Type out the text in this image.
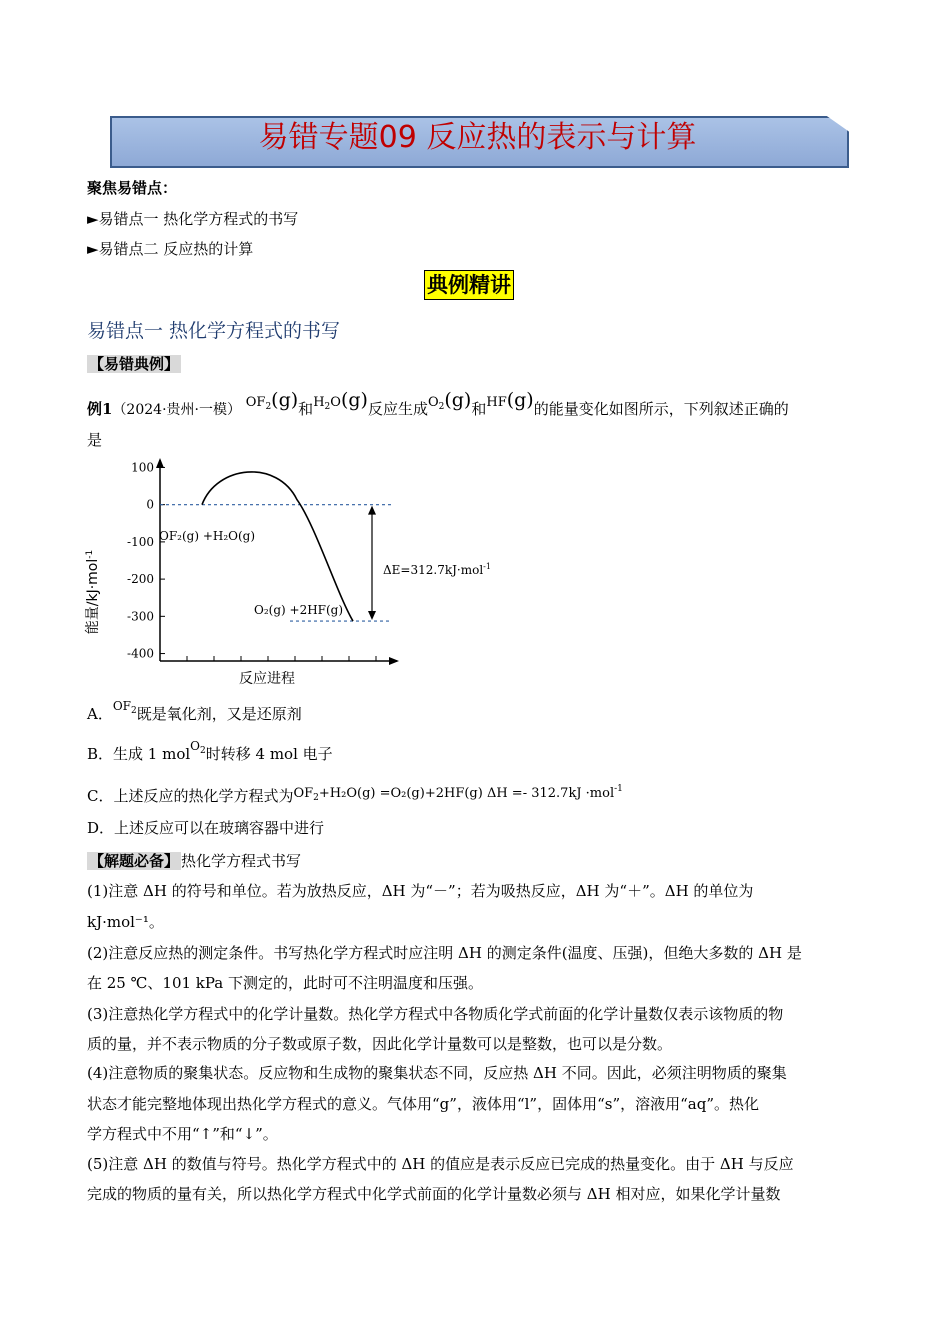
易错专题09 反应热的表示与计算
聚焦易错点：
►易错点一 热化学方程式的书写
►易错点二 反应热的计算
典例精讲
易错点一 热化学方程式的书写
【易错典例】
例1（2024·贵州·一模） $OF_2(g)$和$H_2O(g)$反应生成$O_2(g)$和HF(g)的能量变化如图所示，下列叙述正确的
是
能量/kJ·mol$^{-1}$
反应进程
OF₂(g) +H₂O(g)
O₂(g) +2HF(g)
ΔE=312.7kJ·mol$^{-1}$
100
0
-100
-200
-300
-400
A．$^{OF_2}$既是氧化剂，又是还原剂
B．生成 1 mol$^{O_2}$时转移 4 mol 电子
C．上述反应的热化学方程式为$OF_2+H_2O(g) =O_2(g)+2HF(g) \Delta H =- 312.7kJ \cdot mol^{-1}$
D．上述反应可以在玻璃容器中进行
【解题必备】 热化学方程式书写
(1)注意 ΔH 的符号和单位。若为放热反应，ΔH 为“－”；若为吸热反应，ΔH 为“＋”。ΔH 的单位为
kJ·mol⁻¹。
(2)注意反应热的测定条件。书写热化学方程式时应注明 ΔH 的测定条件(温度、压强)，但绝大多数的 ΔH 是
在 25 ℃、101 kPa 下测定的，此时可不注明温度和压强。
(3)注意热化学方程式中的化学计量数。热化学方程式中各物质化学式前面的化学计量数仅表示该物质的物
质的量，并不表示物质的分子数或原子数，因此化学计量数可以是整数，也可以是分数。
(4)注意物质的聚集状态。反应物和生成物的聚集状态不同，反应热 ΔH 不同。因此，必须注明物质的聚集
状态才能完整地体现出热化学方程式的意义。气体用“g”，液体用“l”，固体用“s”，溶液用“aq”。热化
学方程式中不用“↑”和“↓”。
(5)注意 ΔH 的数值与符号。热化学方程式中的 ΔH 的值应是表示反应已完成的热量变化。由于 ΔH 与反应
完成的物质的量有关，所以热化学方程式中化学式前面的化学计量数必须与 ΔH 相对应，如果化学计量数
